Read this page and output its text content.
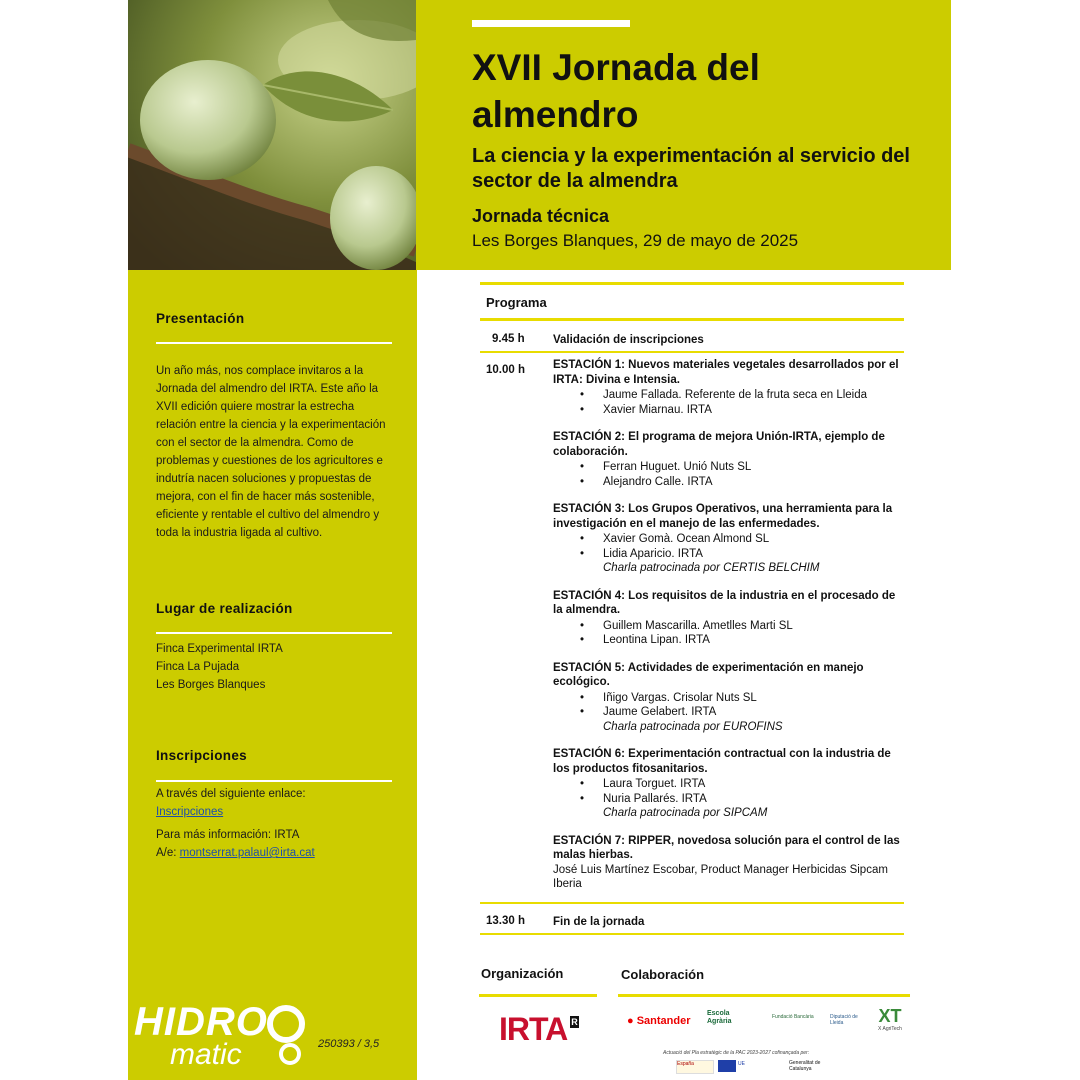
XVII Jornada del almendro
La ciencia y la experimentación al servicio del sector de la almendra
Jornada técnica
Les Borges Blanques, 29 de mayo de 2025
Presentación
Un año más, nos complace invitaros a la Jornada del almendro del IRTA. Este año la XVII edición quiere mostrar la estrecha relación entre la ciencia y la experimentación con el sector de la almendra. Como de problemas y cuestiones de los agricultores e indutría nacen soluciones y propuestas de mejora, con el fin de hacer más sostenible, eficiente y rentable el cultivo del almendro y toda la industria ligada al cultivo.
Lugar de realización
Finca Experimental IRTA
Finca La Pujada
Les Borges Blanques
Inscripciones
A través del siguiente enlace:
Inscripciones
Para más información: IRTA
A/e: montserrat.palaul@irta.cat
HIDRO
matic	250393 / 3,5
Programa
9.45 h Validación de inscripciones
10.00 h ESTACIÓN 1: Nuevos materiales vegetales desarrollados por el IRTA: Divina e Intensia.

• Jaume Fallada. Referente de la fruta seca en Lleida
• Xavier Miarnau. IRTA

ESTACIÓN 2: El programa de mejora Unión-IRTA, ejemplo de colaboración.

• Ferran Huguet. Unió Nuts SL
• Alejandro Calle. IRTA

ESTACIÓN 3: Los Grupos Operativos, una herramienta para la investigación en el manejo de las enfermedades.

• Xavier Gomà. Ocean Almond SL
• Lidia Aparicio. IRTA
Charla patrocinada por CERTIS BELCHIM

ESTACIÓN 4: Los requisitos de la industria en el procesado de la almendra.

• Guillem Mascarilla. Ametlles Marti SL
• Leontina Lipan. IRTA

ESTACIÓN 5: Actividades de experimentación en manejo ecológico.

• Iñigo Vargas. Crisolar Nuts SL
• Jaume Gelabert. IRTA
Charla patrocinada por EUROFINS

ESTACIÓN 6: Experimentación contractual con la industria de los productos fitosanitarios.

• Laura Torguet. IRTA
• Nuria Pallarés. IRTA
Charla patrocinada por SIPCAM

ESTACIÓN 7: RIPPER, novedosa solución para el control de las malas hierbas.

José Luis Martínez Escobar, Product Manager Herbicidas Sipcam Iberia
13.30 h Fin de la jornada
Organización	Colaboración
IRTA R	● Santander
Escola Agrària
Fundació Bancària	Diputació de Lleida	XT
X AgriTech
Actuació del Pla estratègic de la PAC 2023-2027 cofinançada per:
España	UE	Generalitat de Catalunya
